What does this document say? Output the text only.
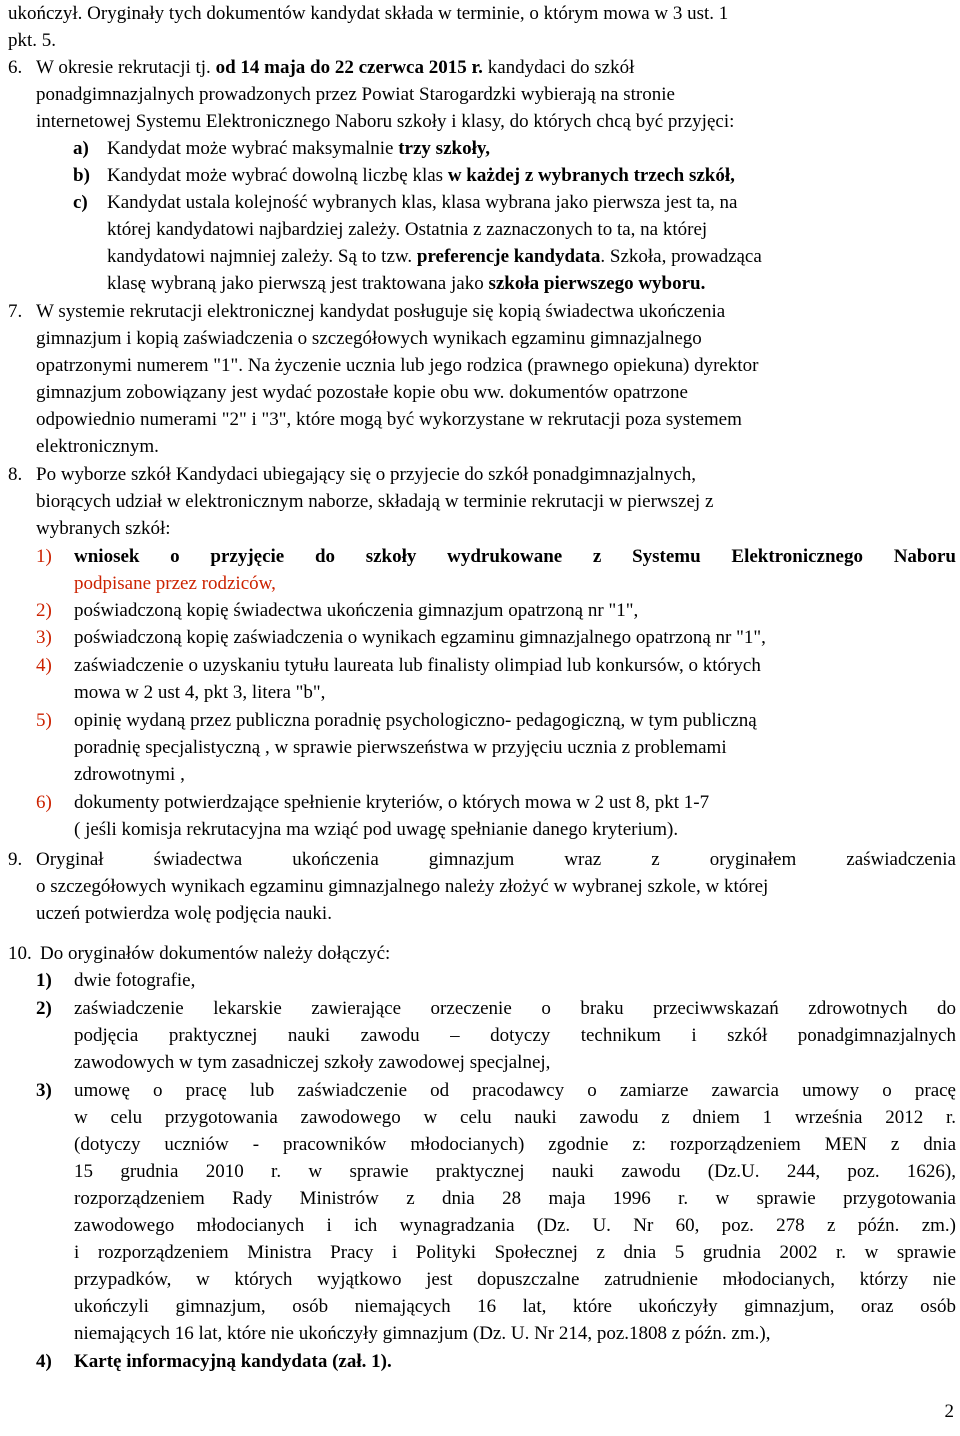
ukończył. Oryginały tych dokumentów kandydat składa w terminie, o którym mowa w 3 ust. 1
pkt. 5.
6. W okresie rekrutacji tj. od 14 maja do 22 czerwca 2015 r. kandydaci do szkół
ponadgimnazjalnych prowadzonych przez Powiat Starogardzki wybierają na stronie
internetowej Systemu Elektronicznego Naboru szkoły i klasy, do których chcą być przyjęci:
a) Kandydat może wybrać maksymalnie trzy szkoły,
b) Kandydat może wybrać dowolną liczbę klas w każdej z wybranych trzech szkół,
c) Kandydat ustala kolejność wybranych klas, klasa wybrana jako pierwsza jest ta, na
której kandydatowi najbardziej zależy. Ostatnia z zaznaczonych to ta, na której
kandydatowi najmniej zależy. Są to tzw. preferencje kandydata. Szkoła, prowadząca
klasę wybraną jako pierwszą jest traktowana jako szkoła pierwszego wyboru.
7. W systemie rekrutacji elektronicznej kandydat posługuje się kopią świadectwa ukończenia
gimnazjum i kopią zaświadczenia o szczegółowych wynikach egzaminu gimnazjalnego
opatrzonymi numerem "1". Na życzenie ucznia lub jego rodzica (prawnego opiekuna) dyrektor
gimnazjum zobowiązany jest wydać pozostałe kopie obu ww. dokumentów opatrzone
odpowiednio numerami "2" i "3", które mogą być wykorzystane w rekrutacji poza systemem
elektronicznym.
8. Po wyborze szkół Kandydaci ubiegający się o przyjecie do szkół ponadgimnazjalnych,
biorących udział w elektronicznym naborze, składają w terminie rekrutacji w pierwszej z
wybranych szkół:
1) wniosek o przyjęcie do szkoły wydrukowane z Systemu Elektronicznego Naboru
podpisane przez rodziców,
2) poświadczoną kopię świadectwa ukończenia gimnazjum opatrzoną nr "1",
3) poświadczoną kopię zaświadczenia o wynikach egzaminu gimnazjalnego opatrzoną nr "1",
4) zaświadczenie o uzyskaniu tytułu laureata lub finalisty olimpiad lub konkursów, o których
mowa w 2 ust 4, pkt 3, litera "b",
5) opinię wydaną przez publiczna poradnię psychologiczno- pedagogiczną, w tym publiczną
poradnię specjalistyczną , w sprawie pierwszeństwa w przyjęciu ucznia z problemami
zdrowotnymi ,
6) dokumenty potwierdzające spełnienie kryteriów, o których mowa w 2 ust 8, pkt 1-7
( jeśli komisja rekrutacyjna ma wziąć pod uwagę spełnianie danego kryterium).
9. Oryginał świadectwa ukończenia gimnazjum wraz z oryginałem zaświadczenia
o szczegółowych wynikach egzaminu gimnazjalnego należy złożyć w wybranej szkole, w której
uczeń potwierdza wolę podjęcia nauki.
10. Do oryginałów dokumentów należy dołączyć:
1) dwie fotografie,
2) zaświadczenie lekarskie zawierające orzeczenie o braku przeciwwskazań zdrowotnych do
podjęcia praktycznej nauki zawodu – dotyczy technikum i szkół ponadgimnazjalnych
zawodowych w tym zasadniczej szkoły zawodowej specjalnej,
3) umowę o pracę lub zaświadczenie od pracodawcy o zamiarze zawarcia umowy o pracę
w celu przygotowania zawodowego w celu nauki zawodu z dniem 1 września 2012 r.
(dotyczy uczniów - pracowników młodocianych) zgodnie z: rozporządzeniem MEN z dnia
15 grudnia 2010 r. w sprawie praktycznej nauki zawodu (Dz.U. 244, poz. 1626),
rozporządzeniem Rady Ministrów z dnia 28 maja 1996 r. w sprawie przygotowania
zawodowego młodocianych i ich wynagradzania (Dz. U. Nr 60, poz. 278 z późn. zm.)
i rozporządzeniem Ministra Pracy i Polityki Społecznej z dnia 5 grudnia 2002 r. w sprawie
przypadków, w których wyjątkowo jest dopuszczalne zatrudnienie młodocianych, którzy nie
ukończyli gimnazjum, osób niemających 16 lat, które ukończyły gimnazjum, oraz osób
niemających 16 lat, które nie ukończyły gimnazjum (Dz. U. Nr 214, poz.1808 z późn. zm.),
4) Kartę informacyjną kandydata (zał. 1).
2
